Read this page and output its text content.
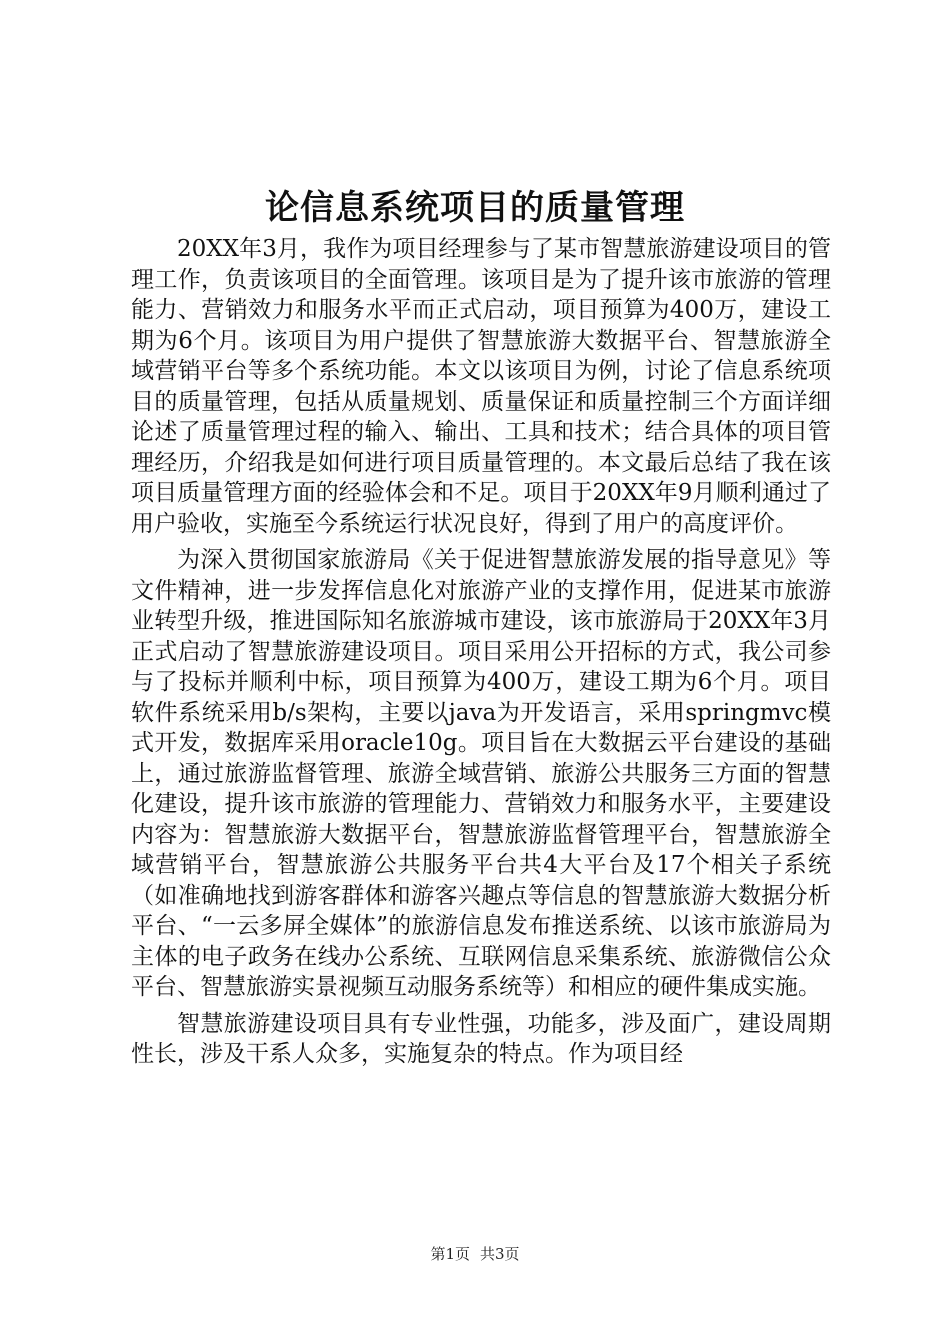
论信息系统项目的质量管理

20XX年3月，我作为项目经理参与了某市智慧旅游建设项目的管理工作，负责该项目的全面管理。该项目是为了提升该市旅游的管理能力、营销效力和服务水平而正式启动，项目预算为400万，建设工期为6个月。该项目为用户提供了智慧旅游大数据平台、智慧旅游全域营销平台等多个系统功能。本文以该项目为例，讨论了信息系统项目的质量管理，包括从质量规划、质量保证和质量控制三个方面详细论述了质量管理过程的输入、输出、工具和技术；结合具体的项目管理经历，介绍我是如何进行项目质量管理的。本文最后总结了我在该项目质量管理方面的经验体会和不足。项目于20XX年9月顺利通过了用户验收，实施至今系统运行状况良好，得到了用户的高度评价。

为深入贯彻国家旅游局《关于促进智慧旅游发展的指导意见》等文件精神，进一步发挥信息化对旅游产业的支撑作用，促进某市旅游业转型升级，推进国际知名旅游城市建设，该市旅游局于20XX年3月正式启动了智慧旅游建设项目。项目采用公开招标的方式，我公司参与了投标并顺利中标，项目预算为400万，建设工期为6个月。项目软件系统采用b/s架构，主要以java为开发语言，采用springmvc模式开发，数据库采用oracle10g。项目旨在大数据云平台建设的基础上，通过旅游监督管理、旅游全域营销、旅游公共服务三方面的智慧化建设，提升该市旅游的管理能力、营销效力和服务水平，主要建设内容为：智慧旅游大数据平台，智慧旅游监督管理平台，智慧旅游全域营销平台，智慧旅游公共服务平台共4大平台及17个相关子系统（如准确地找到游客群体和游客兴趣点等信息的智慧旅游大数据分析平台、“一云多屏全媒体”的旅游信息发布推送系统、以该市旅游局为主体的电子政务在线办公系统、互联网信息采集系统、旅游微信公众平台、智慧旅游实景视频互动服务系统等）和相应的硬件集成实施。

智慧旅游建设项目具有专业性强，功能多，涉及面广，建设周期性长，涉及干系人众多，实施复杂的特点。作为项目经

第1页 共3页
